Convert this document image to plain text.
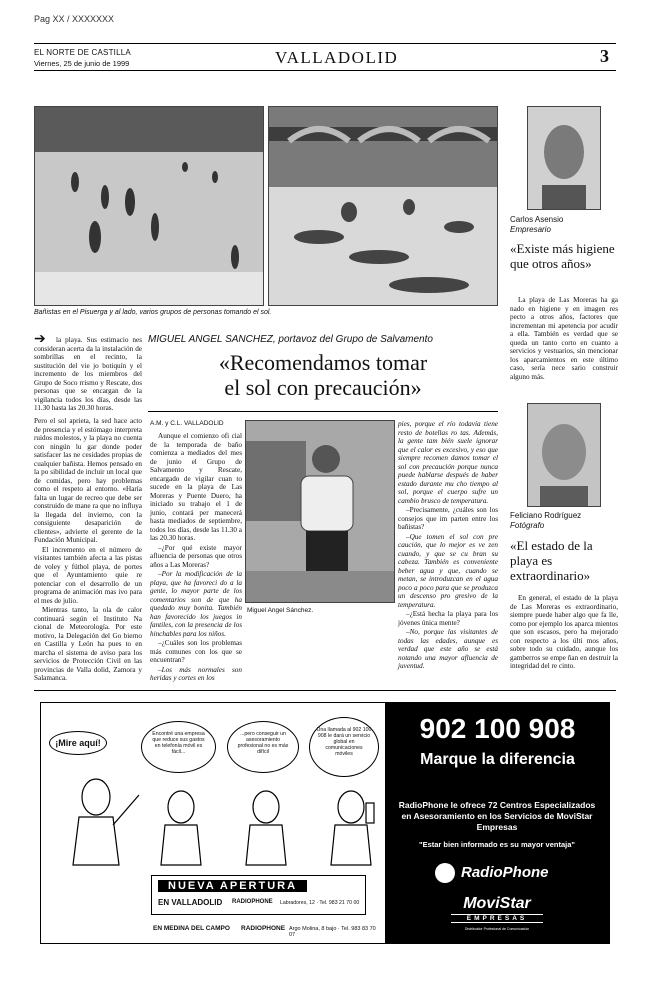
Pag XX / XXXXXXX
EL NORTE DE CASTILLA
Viernes, 25 de junio de 1999	VALLADOLID	3
Bañistas en el Pisuerga y al lado, varios grupos de personas tomando el sol.
➔	la playa. Sus estimacio nes consideran acerta da la instalación de sombrillas en el recinto, la sustitución del vie jo botiquín y el incremento de los miembros del Grupo de Soco rrismo y Rescate, dos personas que se encargan de la vigilancia todos los días, desde las 11.30 hasta las 20.30 horas.
MIGUEL ANGEL SANCHEZ, portavoz del Grupo de Salvamento
«Recomendamos tomar
el sol con precaución»
A.M. y C.L. VALLADOLID

Pero el sol aprieta, la sed hace acto de presencia y el estómago interpreta ruidos molestos, y la playa no cuenta con ningún lu gar donde poder satisfacer las ne cesidades propias de cualquier bañista. Hemos pensado en la po sibilidad de incluir un local que de comidas, pero hay problemas como el respeto al entorno. «Haría falta un lugar de recreo que debe ser construido de mane ra que no influya la llegada del invierno, con la consiguiente desaparición de clientes», advierte el gerente de la Fundación Municipal.

El incremento en el número de visitantes también afecta a las pistas de voley y fútbol playa, de portes que el Ayuntamiento quie re potenciar con el desarrollo de un programa de animación mas ivo para el mes de julio.

Mientras tanto, la ola de calor continuará según el Instituto Na cional de Meteorología. Por este motivo, la Delegación del Go bierno en Castilla y León ha pues to en marcha el sistema de aviso para los servicios de Protección Civil en las provincias de Valla dolid, Zamora y Salamanca.

Aunque el comienzo ofi cial de la temporada de baño comienza a mediados del mes de junio el Grupo de Salvamento y Rescate, encargado de vigilar cuan to sucede en la playa de Las Moreras y Puente Duero, ha iniciado su trabajo el 1 de junio, contará per manecerá hasta mediados de septiembre, todos los días, desde las 11.30 a las 20.30 horas.

–¿Por qué existe mayor afluencia de personas que otros años a Las Moreras?

–Por la modificación de la playa, que ha favoreci do a la gente, lo mayor parte de los comentarios son de que ha quedado muy bonita. También han favorecido los juegos in fantiles, con la presencia de los hinchables para los niños.

–¿Cuáles son los problemas más comunes con los que se encuentran?

–Los más normales son heridas y cortes en los

Miguel Angel Sánchez.

pies, porque el río todavía tiene resto de botellas ro tas. Además, la gente tam bién suele ignorar que el calor es excesivo, y eso que siempre recomen damos tomar el sol con precaución porque nunca puede hablarse después de haber estado durante mu cho tiempo al sol, porque el cuerpo sufre un cambio brusco de temperatura.

–Precisamente, ¿cuáles son los consejos que im parten entre los bañistas?

–Que tomen el sol con pre caución, que lo mejor es ve zen cuando, y que se cu bran su cabeza. También es conveniente beber agua y que, cuando se metan, se introduzcan en el agua poco a poco para que se produzca un descenso pro gresivo de la temperatura.

–¿Está hecha la playa para los jóvenes única mente?

–No, porque las visitantes de todas las edades, aunque es verdad que este año se está notando una mayor afluencia de juventud.

Carlos Asensio
Empresario
«Existe más higiene que otros años»
La playa de Las Moreras ha ga nado en higiene y en imagen res pecto a otros años, factores que incrementan mi apetencia por acudir a ella. También es verdad que se queda un tanto corto en cuanto a servicios y vestuarios, sin mencionar los aparcamientos en este último caso, sería nece sario construir alguno más.
Feliciano Rodríguez
Fotógrafo
«El estado de la playa es extraordinario»
En general, el estado de la playa de Las Moreras es extraordinario, siempre puede haber algo que fa lle, como por ejemplo los aparca mientos que son escasos, pero ha mejorado con respecto a los últi mos años, sobre todo su cuidado, aunque los gamberros se empe ñan en destruir la integridad del re cinto.
¡Mire aquí!
Encontré una empresa que reduce sus gastos en telefonía móvil es fácil...
...pero conseguir un asesoramiento profesional no es más difícil
Una llamada al 902 100 908 le dará un servicio global en comunicaciones móviles
NUEVA APERTURA
EN VALLADOLID RADIOPHONE Labradores, 12 · Tel. 983 21 70 00
EN MEDINA DEL CAMPO RADIOPHONE Argo Molina, 8 bajo · Tel. 983 83 70 07
902 100 908
Marque la diferencia
RadioPhone le ofrece 72 Centros Especializados en Asesoramiento en los Servicios de MoviStar Empresas
"Estar bien informado es su mayor ventaja"
RadioPhone
MoviStar
EMPRESAS
Distribuidor Profesional de Comunicación
